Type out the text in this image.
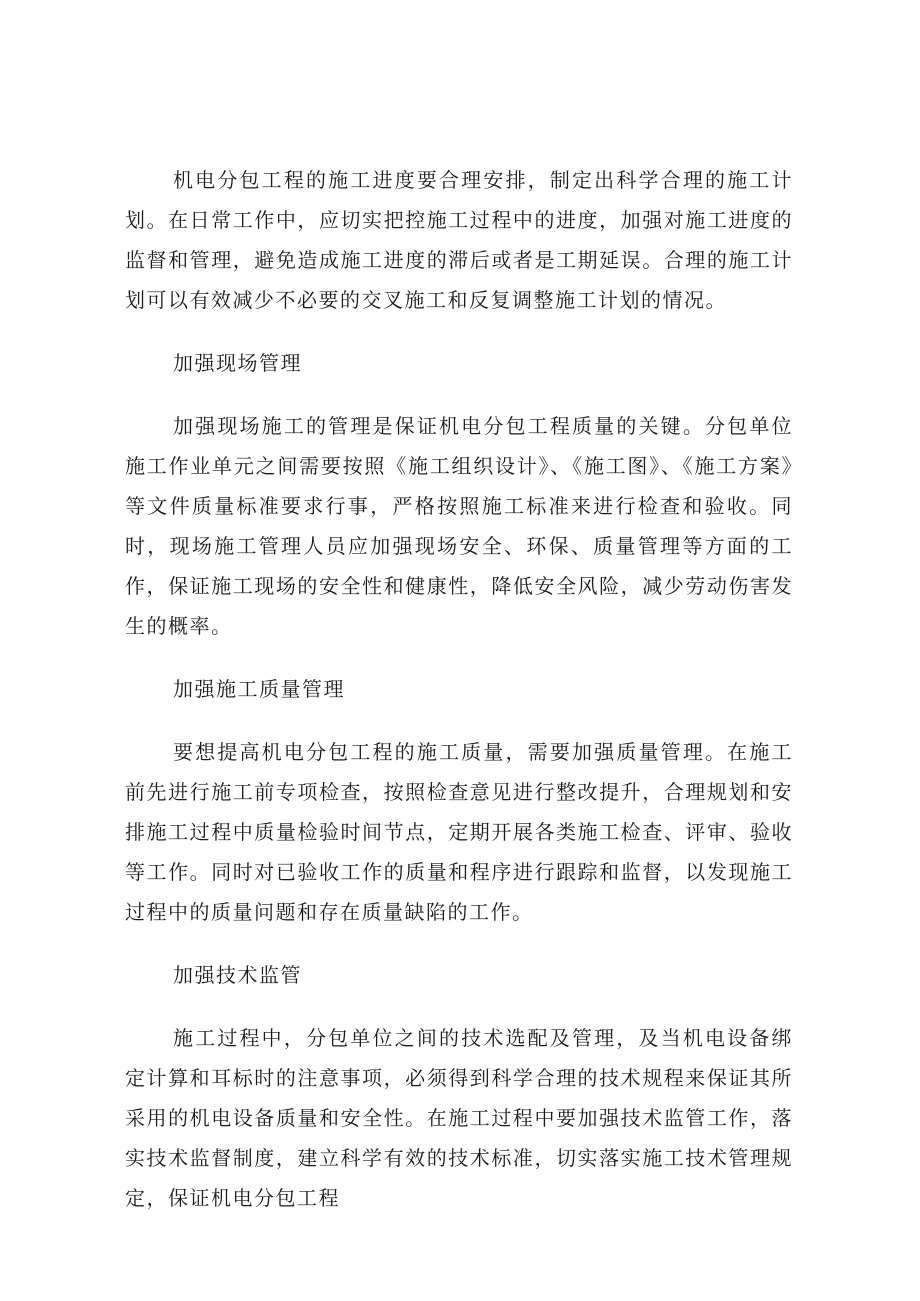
机电分包工程的施工进度要合理安排，制定出科学合理的施工计划。在日常工作中，应切实把控施工过程中的进度，加强对施工进度的监督和管理，避免造成施工进度的滞后或者是工期延误。合理的施工计划可以有效减少不必要的交叉施工和反复调整施工计划的情况。

加强现场管理

加强现场施工的管理是保证机电分包工程质量的关键。分包单位施工作业单元之间需要按照《施工组织设计》、《施工图》、《施工方案》等文件质量标准要求行事，严格按照施工标准来进行检查和验收。同时，现场施工管理人员应加强现场安全、环保、质量管理等方面的工作，保证施工现场的安全性和健康性，降低安全风险，减少劳动伤害发生的概率。

加强施工质量管理

要想提高机电分包工程的施工质量，需要加强质量管理。在施工前先进行施工前专项检查，按照检查意见进行整改提升，合理规划和安排施工过程中质量检验时间节点，定期开展各类施工检查、评审、验收等工作。同时对已验收工作的质量和程序进行跟踪和监督，以发现施工过程中的质量问题和存在质量缺陷的工作。

加强技术监管

施工过程中，分包单位之间的技术选配及管理，及当机电设备绑定计算和耳标时的注意事项，必须得到科学合理的技术规程来保证其所采用的机电设备质量和安全性。在施工过程中要加强技术监管工作，落实技术监督制度，建立科学有效的技术标准，切实落实施工技术管理规定，保证机电分包工程
